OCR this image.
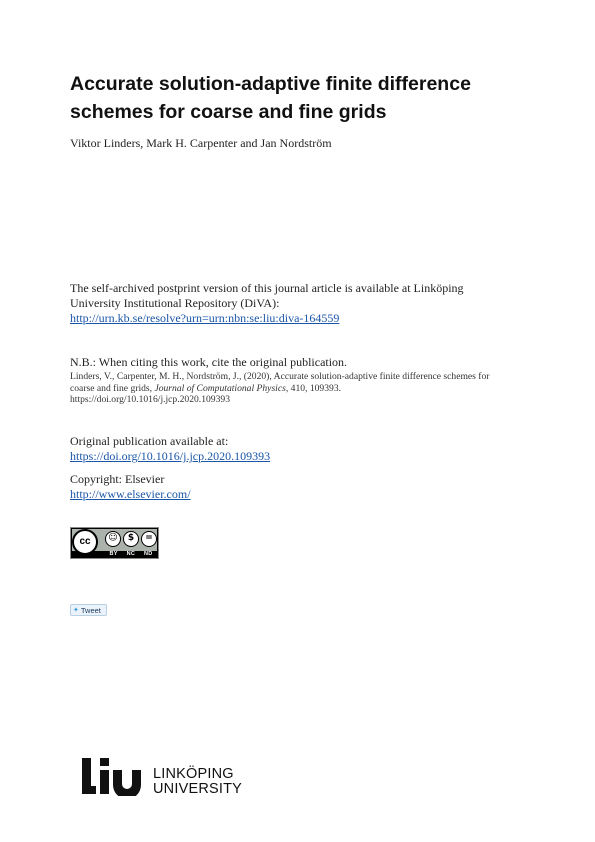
Accurate solution-adaptive finite difference
schemes for coarse and fine grids
Viktor Linders, Mark H. Carpenter and Jan Nordström
The self-archived postprint version of this journal article is available at Linköping
University Institutional Repository (DiVA):
http://urn.kb.se/resolve?urn=urn:nbn:se:liu:diva-164559
N.B.: When citing this work, cite the original publication.
Linders, V., Carpenter, M. H., Nordström, J., (2020), Accurate solution-adaptive finite difference schemes for coarse and fine grids, Journal of Computational Physics, 410, 109393.
https://doi.org/10.1016/j.jcp.2020.109393
Original publication available at:
https://doi.org/10.1016/j.jcp.2020.109393
Copyright: Elsevier
http://www.elsevier.com/
cc	☺	$	=
BY NC ND
✦ Tweet
LINKÖPING
UNIVERSITY
